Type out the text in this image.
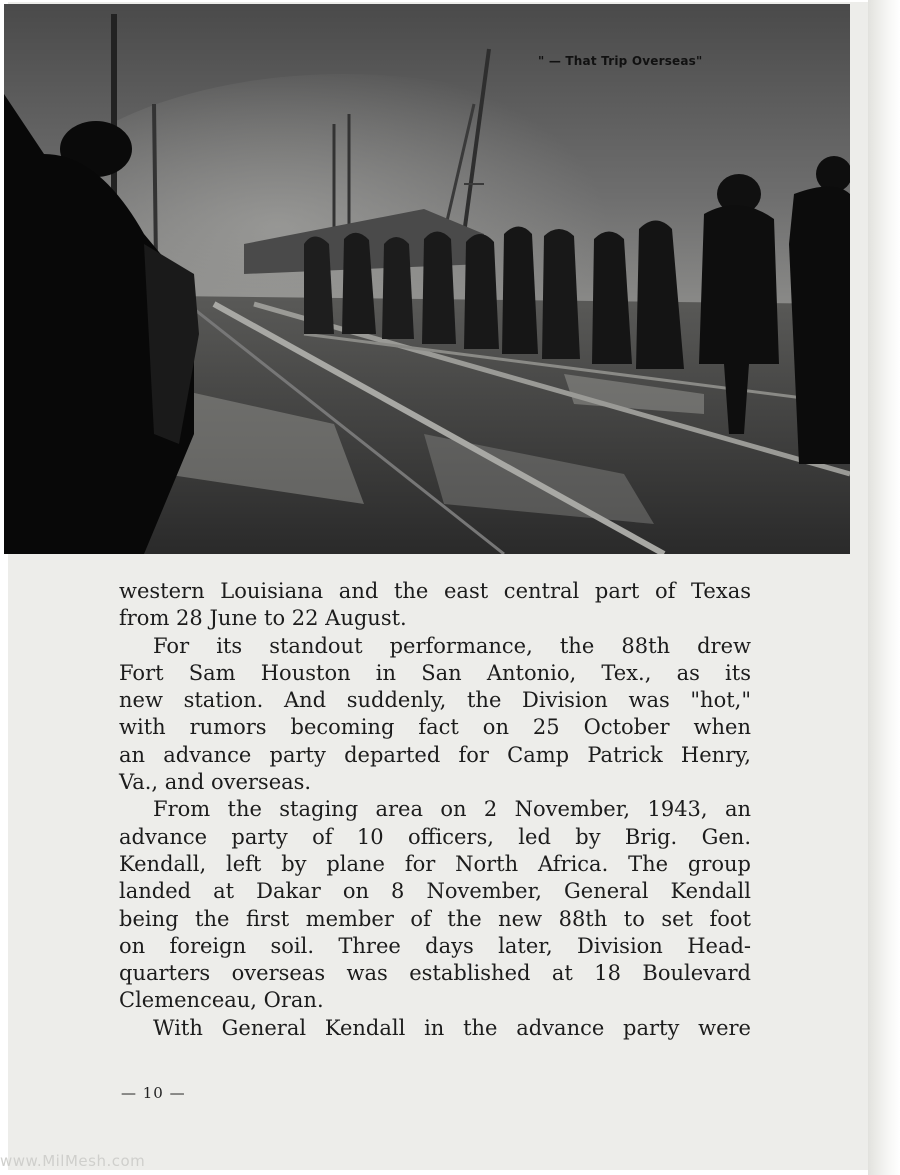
" — That Trip Overseas"

western Louisiana and the east central part of Texas
from 28 June to 22 August.

For its standout performance, the 88th drew
Fort Sam Houston in San Antonio, Tex., as its
new station. And suddenly, the Division was "hot,"
with rumors becoming fact on 25 October when
an advance party departed for Camp Patrick Henry,
Va., and overseas.

From the staging area on 2 November, 1943, an
advance party of 10 officers, led by Brig. Gen.
Kendall, left by plane for North Africa. The group
landed at Dakar on 8 November, General Kendall
being the first member of the new 88th to set foot
on foreign soil. Three days later, Division Head-
quarters overseas was established at 18 Boulevard
Clemenceau, Oran.

With General Kendall in the advance party were

— 10 —
www.MilMesh.com
